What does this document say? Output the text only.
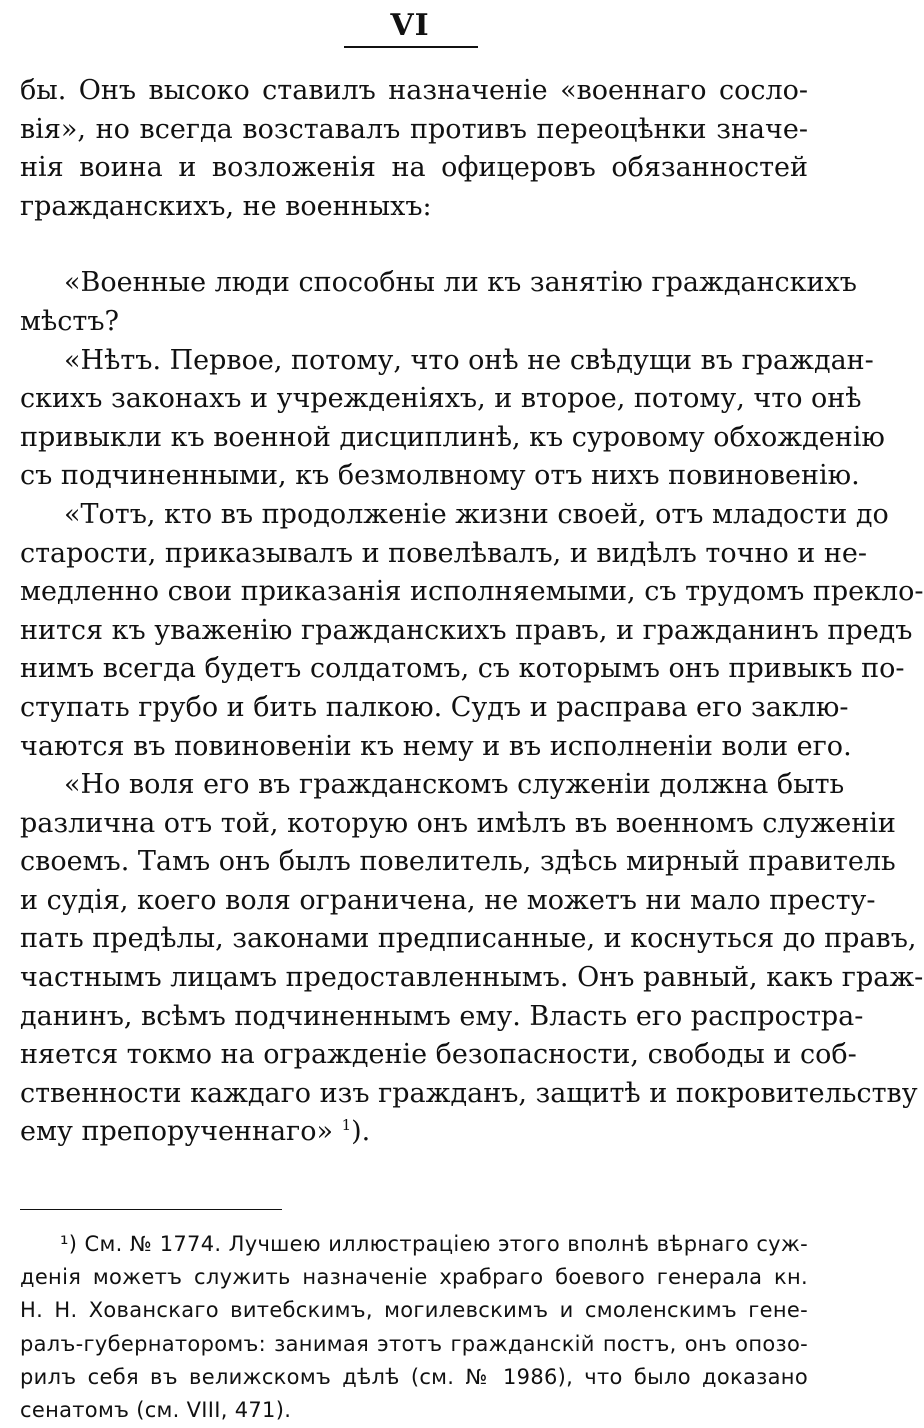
VI
бы. Онъ высоко ставилъ назначенiе «военнаго сосло-
вiя», но всегда возставалъ противъ переоцѣнки значе-
нiя воина и возложенiя на офицеровъ обязанностей
гражданскихъ, не военныхъ:
«Военные люди способны ли къ занятiю гражданскихъ
мѣстъ?
«Нѣтъ. Первое, потому, что онѣ не свѣдущи въ граждан-
скихъ законахъ и учрежденiяхъ, и второе, потому, что онѣ
привыкли къ военной дисциплинѣ, къ суровому обхожденiю
съ подчиненными, къ безмолвному отъ нихъ повиновенiю.
«Тотъ, кто въ продолженiе жизни своей, отъ младости до
старости, приказывалъ и повелѣвалъ, и видѣлъ точно и не-
медленно свои приказанiя исполняемыми, съ трудомъ преклo-
нится къ уваженiю гражданскихъ правъ, и гражданинъ предъ
нимъ всегда будетъ солдатомъ, съ которымъ онъ привыкъ по-
ступать грубо и бить палкою. Судъ и расправа его заклю-
чаются въ повиновенiи къ нему и въ исполненiи воли его.
«Но воля его въ гражданскомъ служенiи должна быть
различна отъ той, которую онъ имѣлъ въ военномъ служенiи
своемъ. Тамъ онъ былъ повелитель, здѣсь мирный правитель
и судiя, коего воля ограничена, не можетъ ни мало престу-
пать предѣлы, законами предписанные, и коснуться до правъ,
частнымъ лицамъ предоставленнымъ. Онъ равный, какъ граж-
данинъ, всѣмъ подчиненнымъ ему. Власть его распростра-
няется токмо на огражденiе безопасности, свободы и соб-
ственности каждаго изъ гражданъ, защитѣ и покровительству
ему препорученнаго» $^1$).
¹) См. № 1774. Лучшею иллюстрацiею этого вполнѣ вѣрнаго суж-
денiя можетъ служить назначенiе храбраго боевого генерала кн.
Н. Н. Хованскаго витебскимъ, могилевскимъ и смоленскимъ гене-
ралъ-губернаторомъ: занимая этотъ гражданскiй постъ, онъ опозо-
рилъ себя въ велижскомъ дѣлѣ (см. № 1986), что было доказано
сенатомъ (см. VIII, 471).
